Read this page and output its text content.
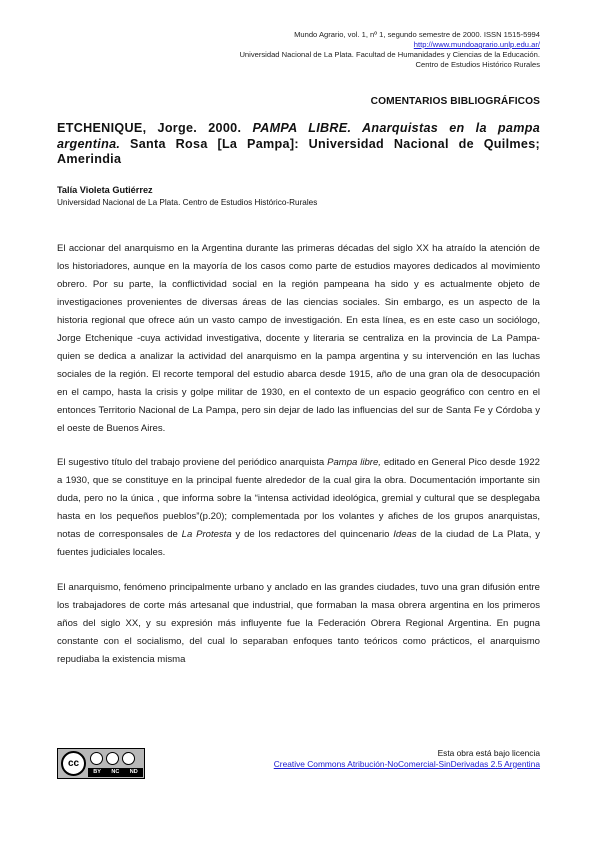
Mundo Agrario, vol. 1, nº 1, segundo semestre de 2000. ISSN 1515-5994
http://www.mundoagrario.unlp.edu.ar/
Universidad Nacional de La Plata. Facultad de Humanidades y Ciencias de la Educación.
Centro de Estudios Histórico Rurales
COMENTARIOS BIBLIOGRÁFICOS
ETCHENIQUE, Jorge. 2000. PAMPA LIBRE. Anarquistas en la pampa argentina. Santa Rosa [La Pampa]: Universidad Nacional de Quilmes; Amerindia
Talía Violeta Gutiérrez
Universidad Nacional de La Plata. Centro de Estudios Histórico-Rurales

El accionar del anarquismo en la Argentina durante las primeras décadas del siglo XX ha atraído la atención de los historiadores, aunque en la mayoría de los casos como parte de estudios mayores dedicados al movimiento obrero. Por su parte, la conflictividad social en la región pampeana ha sido y es actualmente objeto de investigaciones provenientes de diversas áreas de las ciencias sociales. Sin embargo, es un aspecto de la historia regional que ofrece aún un vasto campo de investigación. En esta línea, es en este caso un sociólogo, Jorge Etchenique -cuya actividad investigativa, docente y literaria se centraliza en la provincia de La Pampa- quien se dedica a analizar la actividad del anarquismo en la pampa argentina y su intervención en las luchas sociales de la región. El recorte temporal del estudio abarca desde 1915, año de una gran ola de desocupación en el campo, hasta la crisis y golpe militar de 1930, en el contexto de un espacio geográfico con centro en el entonces Territorio Nacional de La Pampa, pero sin dejar de lado las influencias del sur de Santa Fe y Córdoba y el oeste de Buenos Aires.

El sugestivo título del trabajo proviene del periódico anarquista Pampa libre, editado en General Pico desde 1922 a 1930, que se constituye en la principal fuente alrededor de la cual gira la obra. Documentación importante sin duda, pero no la única , que informa sobre la “intensa actividad ideológica, gremial y cultural que se desplegaba hasta en los pequeños pueblos”(p.20); complementada por los volantes y afiches de los grupos anarquistas, notas de corresponsales de La Protesta y de los redactores del quincenario Ideas de la ciudad de La Plata, y fuentes judiciales locales.

El anarquismo, fenómeno principalmente urbano y anclado en las grandes ciudades, tuvo una gran difusión entre los trabajadores de corte más artesanal que industrial, que formaban la masa obrera argentina en los primeros años del siglo XX, y su expresión más influyente fue la Federación Obrera Regional Argentina. En pugna constante con el socialismo, del cual lo separaban enfoques tanto teóricos como prácticos, el anarquismo repudiaba la existencia misma

cc
BY NC ND
Esta obra está bajo licencia
Creative Commons Atribución-NoComercial-SinDerivadas 2.5 Argentina
